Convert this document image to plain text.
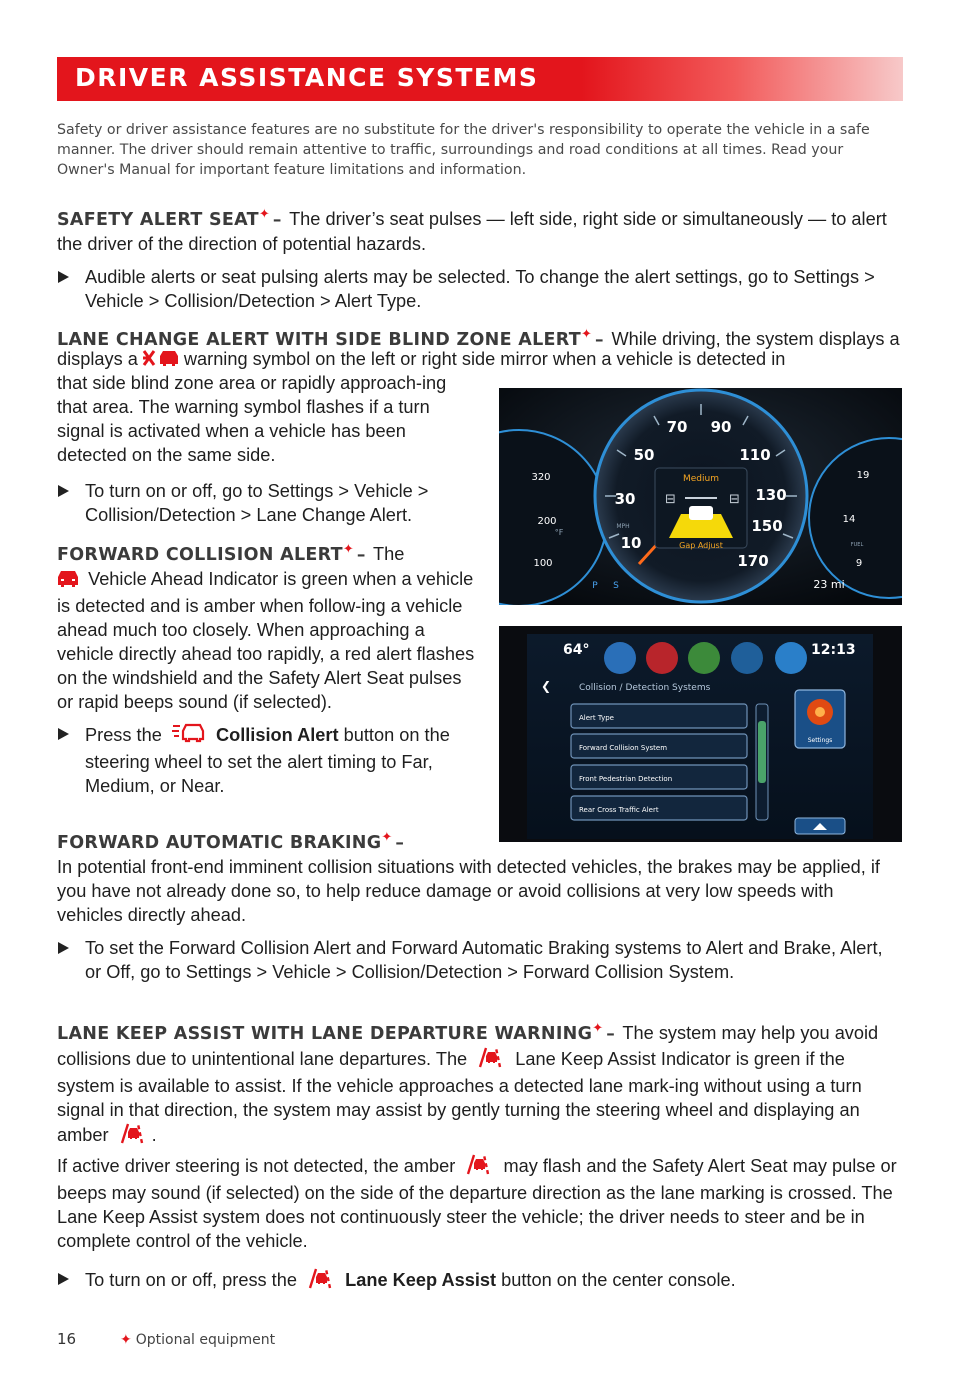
DRIVER ASSISTANCE SYSTEMS
Safety or driver assistance features are no substitute for the driver's responsibility to operate the vehicle in a safe manner. The driver should remain attentive to traffic, surroundings and road conditions at all times. Read your Owner's Manual for important feature limitations and information.
SAFETY ALERT SEAT✦ – The driver’s seat pulses — left side, right side or simultaneously — to alert the driver of the direction of potential hazards.
Audible alerts or seat pulsing alerts may be selected. To change the alert settings, go to Settings > Vehicle > Collision/Detection > Alert Type.
LANE CHANGE ALERT WITH SIDE BLIND ZONE ALERT✦ – While driving, the system displays a
displays a	warning symbol on the left or right side mirror when a vehicle is detected in
that side blind zone area or rapidly approach-ing that area. The warning symbol flashes if a turn signal is activated when a vehicle has been detected on the same side.
To turn on or off, go to Settings > Vehicle > Collision/Detection > Lane Change Alert.
FORWARD COLLISION ALERT✦ – The
Vehicle Ahead Indicator is green when a vehicle is detected and is amber when follow-ing a vehicle ahead much too closely. When approaching a vehicle directly ahead too rapidly, a red alert flashes on the windshield and the Safety Alert Seat pulses or rapid beeps sound (if selected).
Press the	Collision Alert button on the steering wheel to set the alert timing to Far, Medium, or Near.
FORWARD AUTOMATIC BRAKING✦ –
In potential front-end imminent collision situations with detected vehicles, the brakes may be applied, if you have not already done so, to help reduce damage or avoid collisions at very low speeds with vehicles directly ahead.
To set the Forward Collision Alert and Forward Automatic Braking systems to Alert and Brake, Alert, or Off, go to Settings > Vehicle > Collision/Detection > Forward Collision System.
LANE KEEP ASSIST WITH LANE DEPARTURE WARNING✦ – The system may help you avoid collisions due to unintentional lane departures. The	Lane Keep Assist Indicator is green if the system is available to assist. If the vehicle approaches a detected lane mark-ing without using a turn signal in that direction, the system may assist by gently turning the steering wheel and displaying an amber .
If active driver steering is not detected, the amber	may flash and the Safety Alert Seat may pulse or beeps may sound (if selected) on the side of the departure direction as the lane marking is crossed. The Lane Keep Assist system does not continuously steer the vehicle; the driver needs to steer and be in complete control of the vehicle.
To turn on or off, press the	Lane Keep Assist button on the center console.
⊟	⊟
10
30
50
70 90
110
130
150
170
320
200
100
19
14
9
MPH
°F
Medium
Gap Adjust
P S	23 mi
FUEL
64°	12:13
❮	Collision / Detection Systems
Alert Type
Forward Collision System
Front Pedestrian Detection
Rear Cross Traffic Alert
Settings
16	✦ Optional equipment
